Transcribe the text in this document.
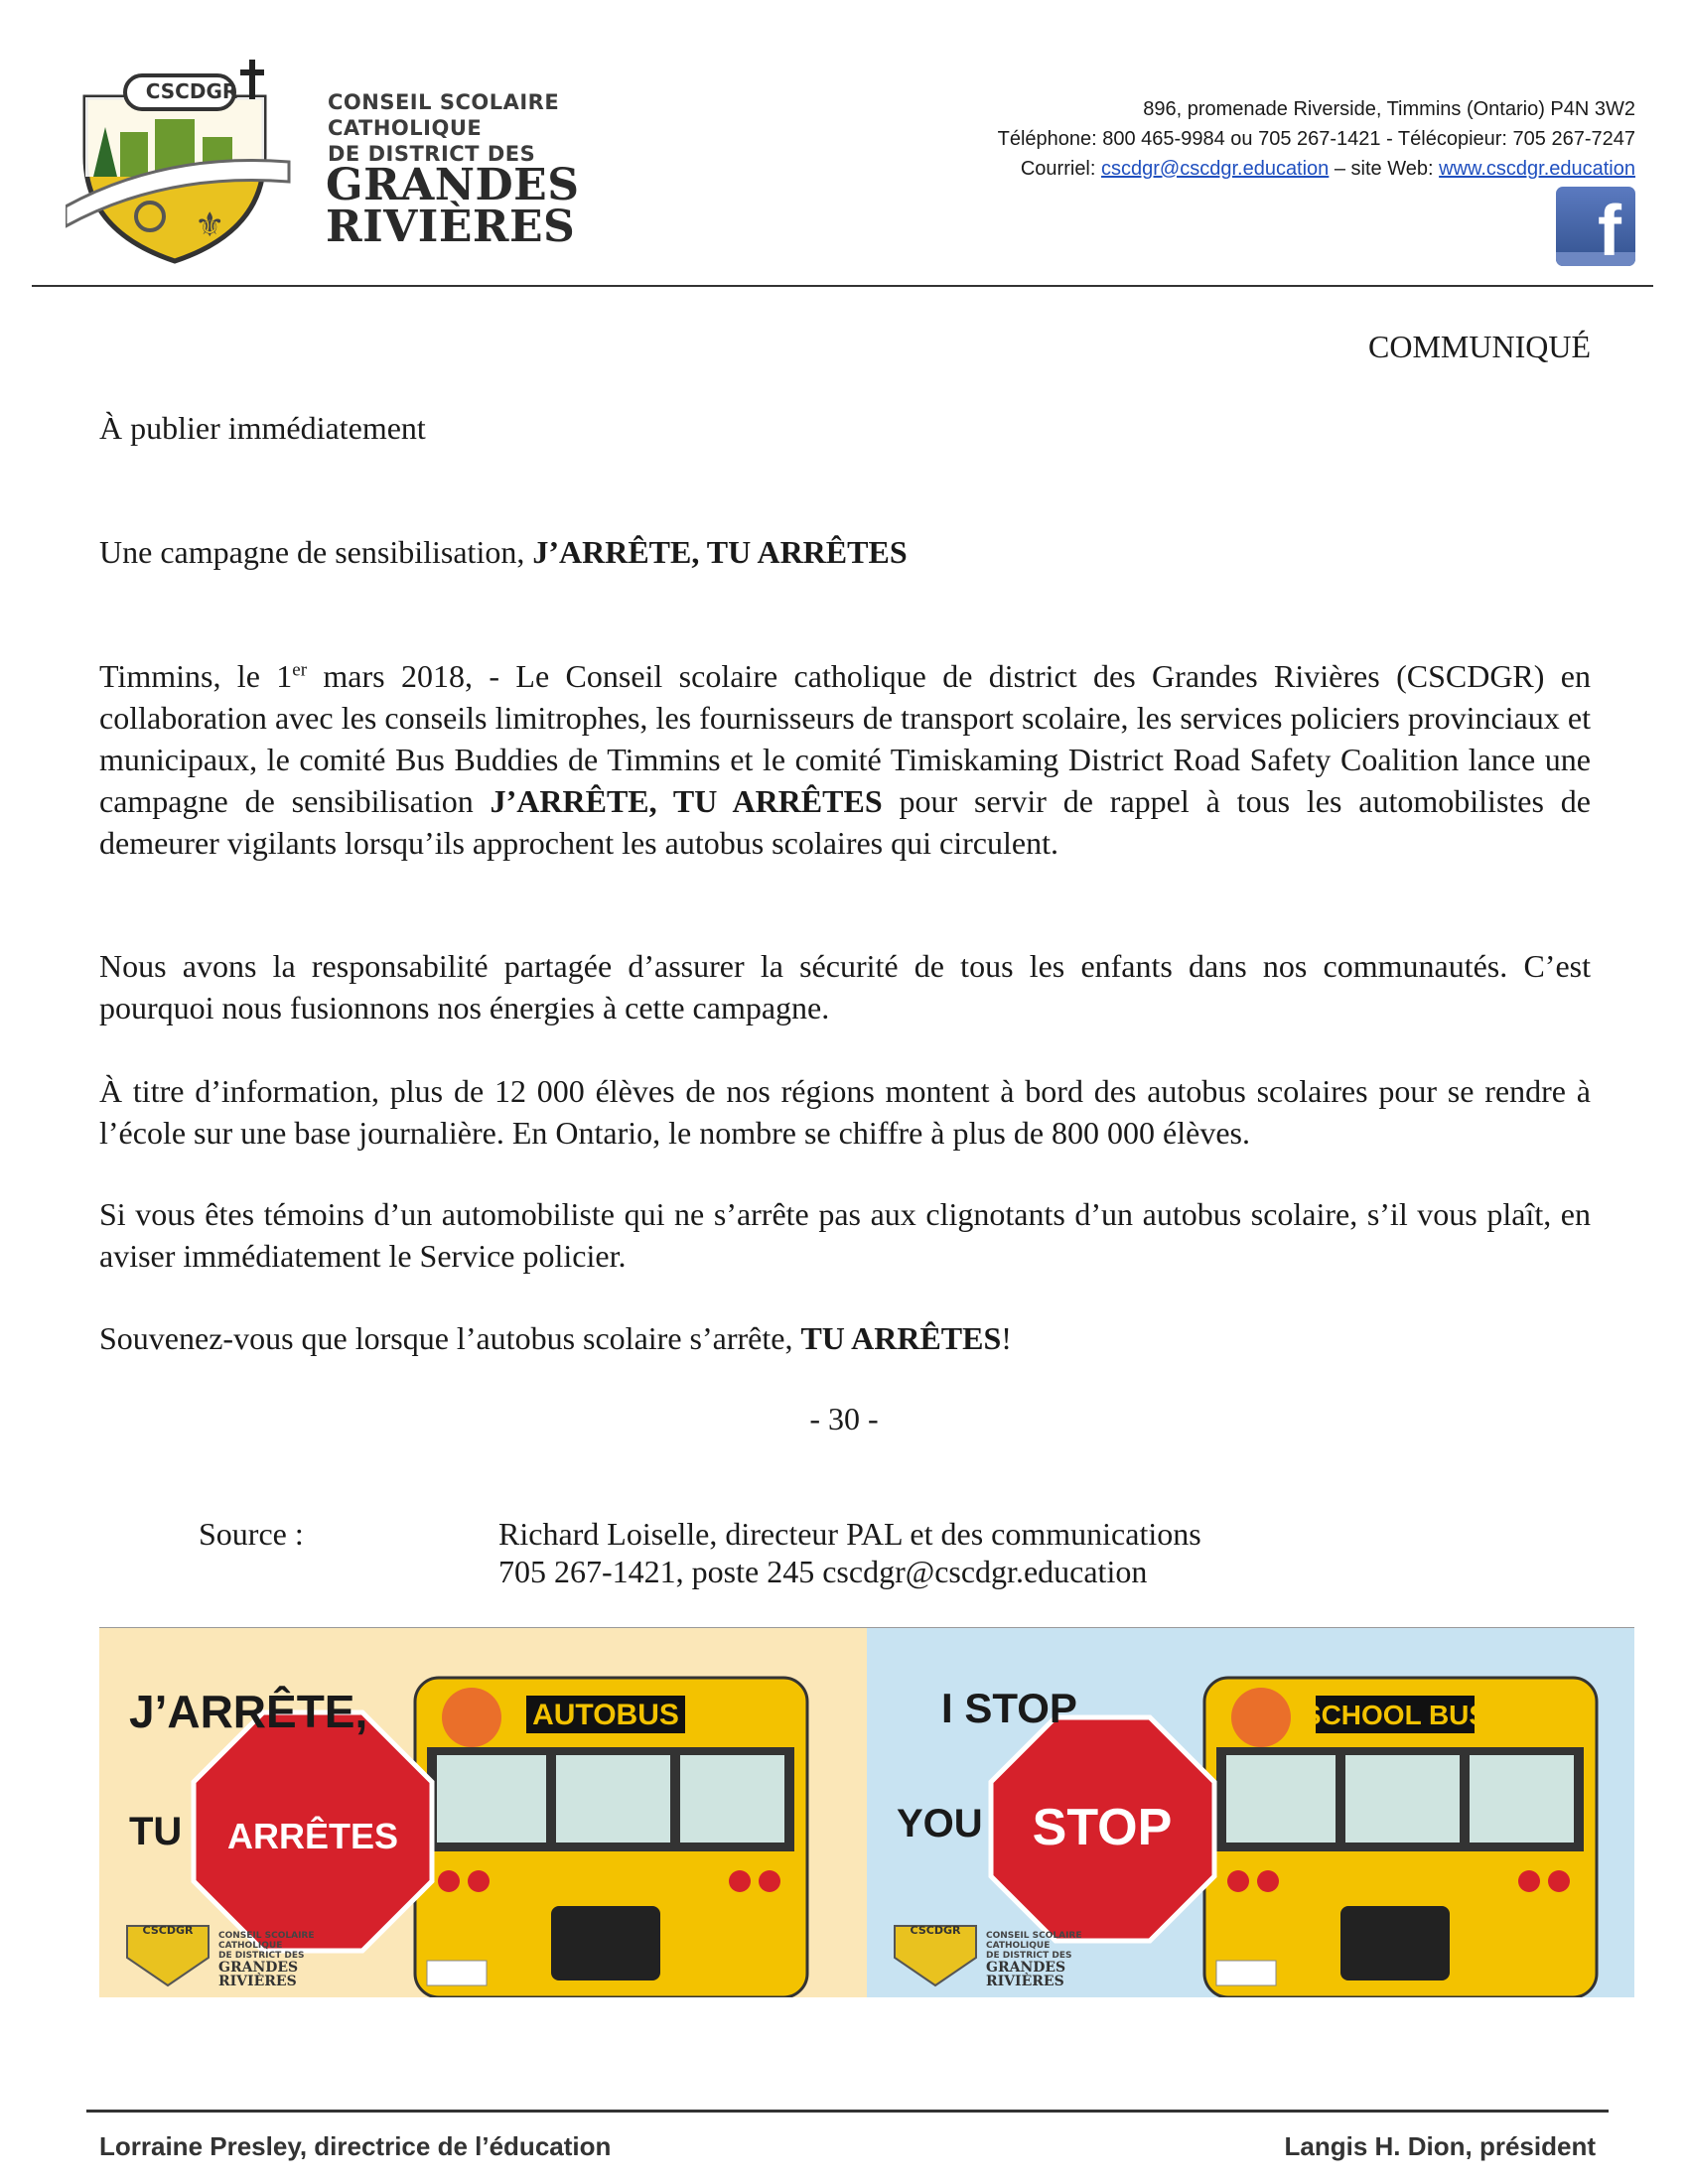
⚜
CSCDGR	CONSEIL SCOLAIRE
CATHOLIQUE
DE DISTRICT DES
GRANDES
RIVIÈRES
896, promenade Riverside, Timmins (Ontario) P4N 3W2
Téléphone: 800 465-9984 ou 705 267-1421 - Télécopieur: 705 267-7247
Courriel: cscdgr@cscdgr.education – site Web: www.cscdgr.education
f
COMMUNIQUÉ
À publier immédiatement
Une campagne de sensibilisation, J’ARRÊTE, TU ARRÊTES
Timmins, le 1er mars 2018, - Le Conseil scolaire catholique de district des Grandes Rivières (CSCDGR) en collaboration avec les conseils limitrophes, les fournisseurs de transport scolaire, les services policiers provinciaux et municipaux, le comité Bus Buddies de Timmins et le comité Timiskaming District Road Safety Coalition lance une campagne de sensibilisation J’ARRÊTE, TU ARRÊTES pour servir de rappel à tous les automobilistes de demeurer vigilants lorsqu’ils approchent les autobus scolaires qui circulent.
Nous avons la responsabilité partagée d’assurer la sécurité de tous les enfants dans nos communautés. C’est pourquoi nous fusionnons nos énergies à cette campagne.
À titre d’information, plus de 12 000 élèves de nos régions montent à bord des autobus scolaires pour se rendre à l’école sur une base journalière. En Ontario, le nombre se chiffre à plus de 800 000 élèves.
Si vous êtes témoins d’un automobiliste qui ne s’arrête pas aux clignotants d’un autobus scolaire, s’il vous plaît, en aviser immédiatement le Service policier.
Souvenez-vous que lorsque l’autobus scolaire s’arrête, TU ARRÊTES!
- 30 -
Source :	Richard Loiselle, directeur PAL et des communications
705 267-1421, poste 245 cscdgr@cscdgr.education
ARRÊTES
J’ARRÊTE,
TU
AUTOBUS
CSCDGR	CONSEIL SCOLAIRE
CATHOLIQUE
DE DISTRICT DES
GRANDES
RIVIÈRES
STOP
I STOP
YOU
SCHOOL BUS
CSCDGR	CONSEIL SCOLAIRE
CATHOLIQUE
DE DISTRICT DES
GRANDES
RIVIÈRES
Lorraine Presley, directrice de l’éducation	Langis H. Dion, président
